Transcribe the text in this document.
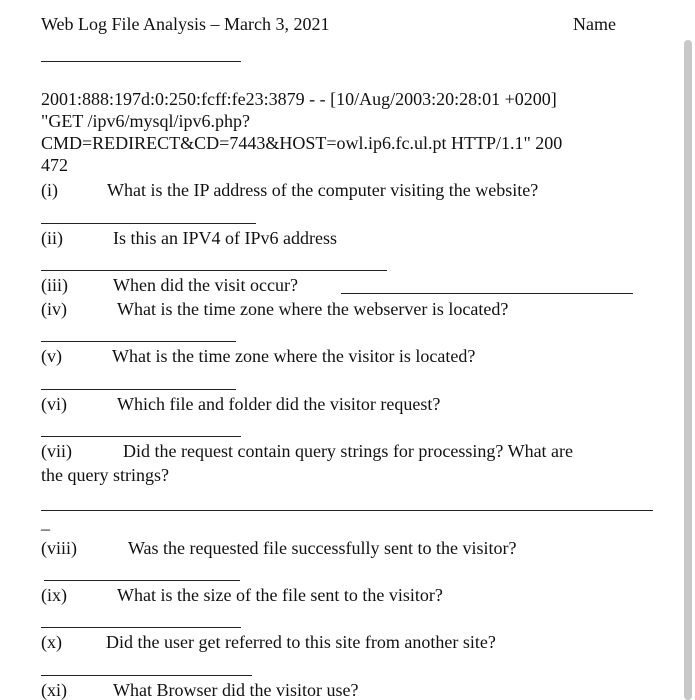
Web Log File Analysis – March 3, 2021	Name
2001:888:197d:0:250:fcff:fe23:3879 - - [10/Aug/2003:20:28:01 +0200]
"GET /ipv6/mysql/ipv6.php?
CMD=REDIRECT&CD=7443&HOST=owl.ip6.fc.ul.pt HTTP/1.1" 200
472
(i)	What is the IP address of the computer visiting the website?
(ii)	Is this an IPV4 of IPv6 address
(iii)	When did the visit occur?
(iv)	What is the time zone where the webserver is located?
(v)	What is the time zone where the visitor is located?
(vi)	Which file and folder did the visitor request?
(vii)	Did the request contain query strings for processing? What are
the query strings?
_
(viii)	Was the requested file successfully sent to the visitor?
(ix)	What is the size of the file sent to the visitor?
(x) Did the user get referred to this site from another site?
(xi)	What Browser did the visitor use?
